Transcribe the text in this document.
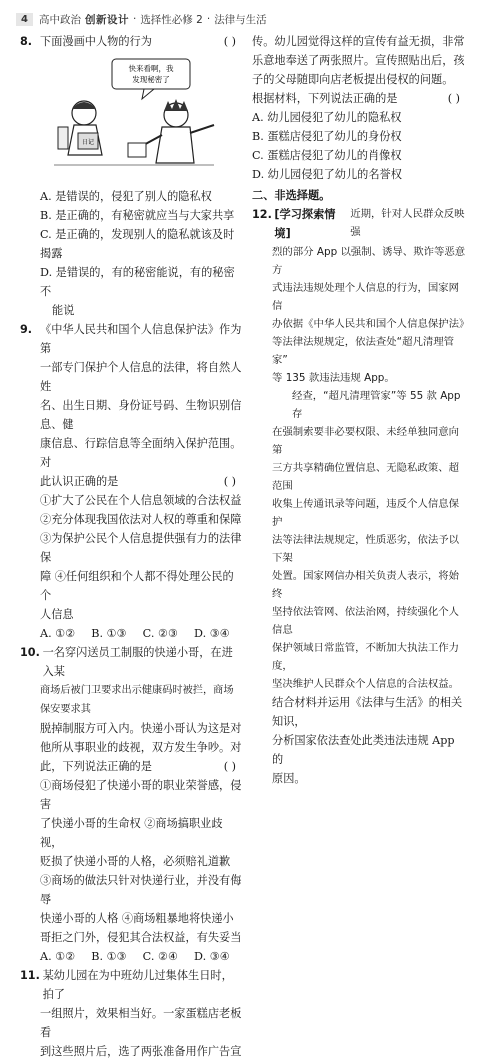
4	高中政治 创新设计 · 选择性必修 2 · 法律与生活
8. 下面漫画中人物的行为	( )
快来看啊，我
发现秘密了
日记
A. 是错误的，侵犯了别人的隐私权
B. 是正确的，有秘密就应当与大家共享
C. 是正确的，发现别人的隐私就该及时揭露
D. 是错误的，有的秘密能说，有的秘密不
能说
9. 《中华人民共和国个人信息保护法》作为第
一部专门保护个人信息的法律，将自然人姓
名、出生日期、身份证号码、生物识别信息、健
康信息、行踪信息等全面纳入保护范围。对
此认识正确的是	( )
①扩大了公民在个人信息领域的合法权益
②充分体现我国依法对人权的尊重和保障
③为保护公民个人信息提供强有力的法律保
障 ④任何组织和个人都不得处理公民的个
人信息
A. ①② B. ①③ C. ②③ D. ③④
10. 一名穿闪送员工制服的快递小哥，在进入某
商场后被门卫要求出示健康码时被拦，商场保安要求其
脱掉制服方可入内。快递小哥认为这是对
他所从事职业的歧视，双方发生争吵。对
此，下列说法正确的是	( )
①商场侵犯了快递小哥的职业荣誉感，侵害
了快递小哥的生命权 ②商场搞职业歧视，
贬损了快递小哥的人格，必须赔礼道歉
③商场的做法只针对快递行业，并没有侮辱
快递小哥的人格 ④商场粗暴地将快递小
哥拒之门外，侵犯其合法权益，有失妥当
A. ①② B. ①③ C. ②④ D. ③④
11. 某幼儿园在为中班幼儿过集体生日时，拍了
一组照片，效果相当好。一家蛋糕店老板看
到这些照片后，选了两张准备用作广告宣
传。幼儿园觉得这样的宣传有益无损，非常
乐意地奉送了两张照片。宣传照贴出后，孩
子的父母随即向店老板提出侵权的问题。
根据材料，下列说法正确的是	( )
A. 幼儿园侵犯了幼儿的隐私权
B. 蛋糕店侵犯了幼儿的身份权
C. 蛋糕店侵犯了幼儿的肖像权
D. 幼儿园侵犯了幼儿的名誉权
二、非选择题。
12. [学习探索情境]
近期，针对人民群众反映强
烈的部分 App 以强制、诱导、欺诈等恶意方
式违法违规处理个人信息的行为，国家网信
办依据《中华人民共和国个人信息保护法》
等法律法规规定，依法查处“超凡清理管家”
等 135 款违法违规 App。
经查，“超凡清理管家”等 55 款 App 存
在强制索要非必要权限、未经单独同意向第
三方共享精确位置信息、无隐私政策、超范围
收集上传通讯录等问题，违反个人信息保护
法等法律法规规定，性质恶劣，依法予以下架
处置。国家网信办相关负责人表示，将始终
坚持依法管网、依法治网，持续强化个人信息
保护领域日常监管，不断加大执法工作力度，
坚决维护人民群众个人信息的合法权益。
结合材料并运用《法律与生活》的相关知识，
分析国家依法查处此类违法违规 App 的
原因。
